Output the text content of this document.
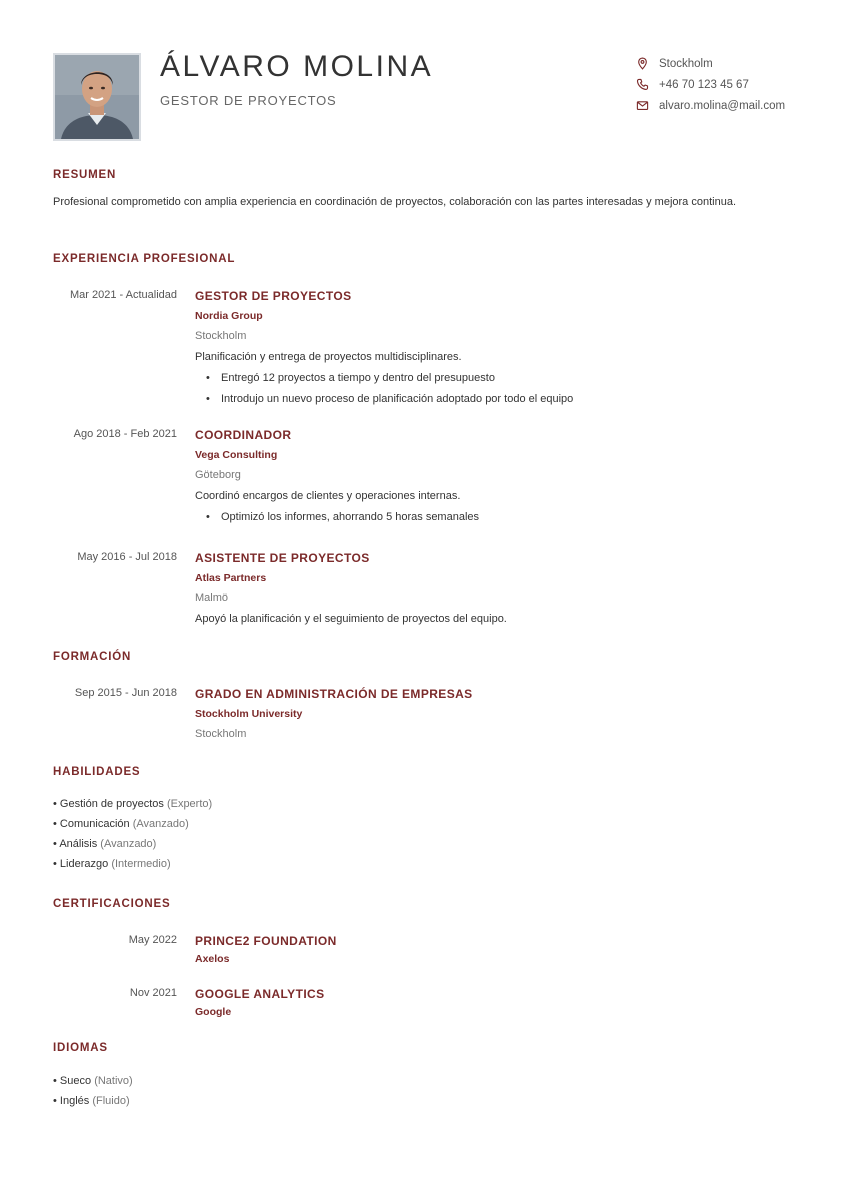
ÁLVARO MOLINA
GESTOR DE PROYECTOS
Stockholm
+46 70 123 45 67
alvaro.molina@mail.com
RESUMEN

Profesional comprometido con amplia experiencia en coordinación de proyectos, colaboración con las partes interesadas y mejora continua.

EXPERIENCIA PROFESIONAL
Mar 2021 - Actualidad GESTOR DE PROYECTOS
Nordia Group
Stockholm
Planificación y entrega de proyectos multidisciplinares.
• Entregó 12 proyectos a tiempo y dentro del presupuesto
• Introdujo un nuevo proceso de planificación adoptado por todo el equipo
Ago 2018 - Feb 2021 COORDINADOR
Vega Consulting
Göteborg
Coordinó encargos de clientes y operaciones internas.
• Optimizó los informes, ahorrando 5 horas semanales
May 2016 - Jul 2018 ASISTENTE DE PROYECTOS
Atlas Partners
Malmö
Apoyó la planificación y el seguimiento de proyectos del equipo.
FORMACIÓN
Sep 2015 - Jun 2018 GRADO EN ADMINISTRACIÓN DE EMPRESAS
Stockholm University
Stockholm
HABILIDADES
• Gestión de proyectos (Experto)
• Comunicación (Avanzado)
• Análisis (Avanzado)
• Liderazgo (Intermedio)
CERTIFICACIONES
May 2022 PRINCE2 FOUNDATION
Axelos
Nov 2021 GOOGLE ANALYTICS
Google
IDIOMAS
• Sueco (Nativo)
• Inglés (Fluido)
